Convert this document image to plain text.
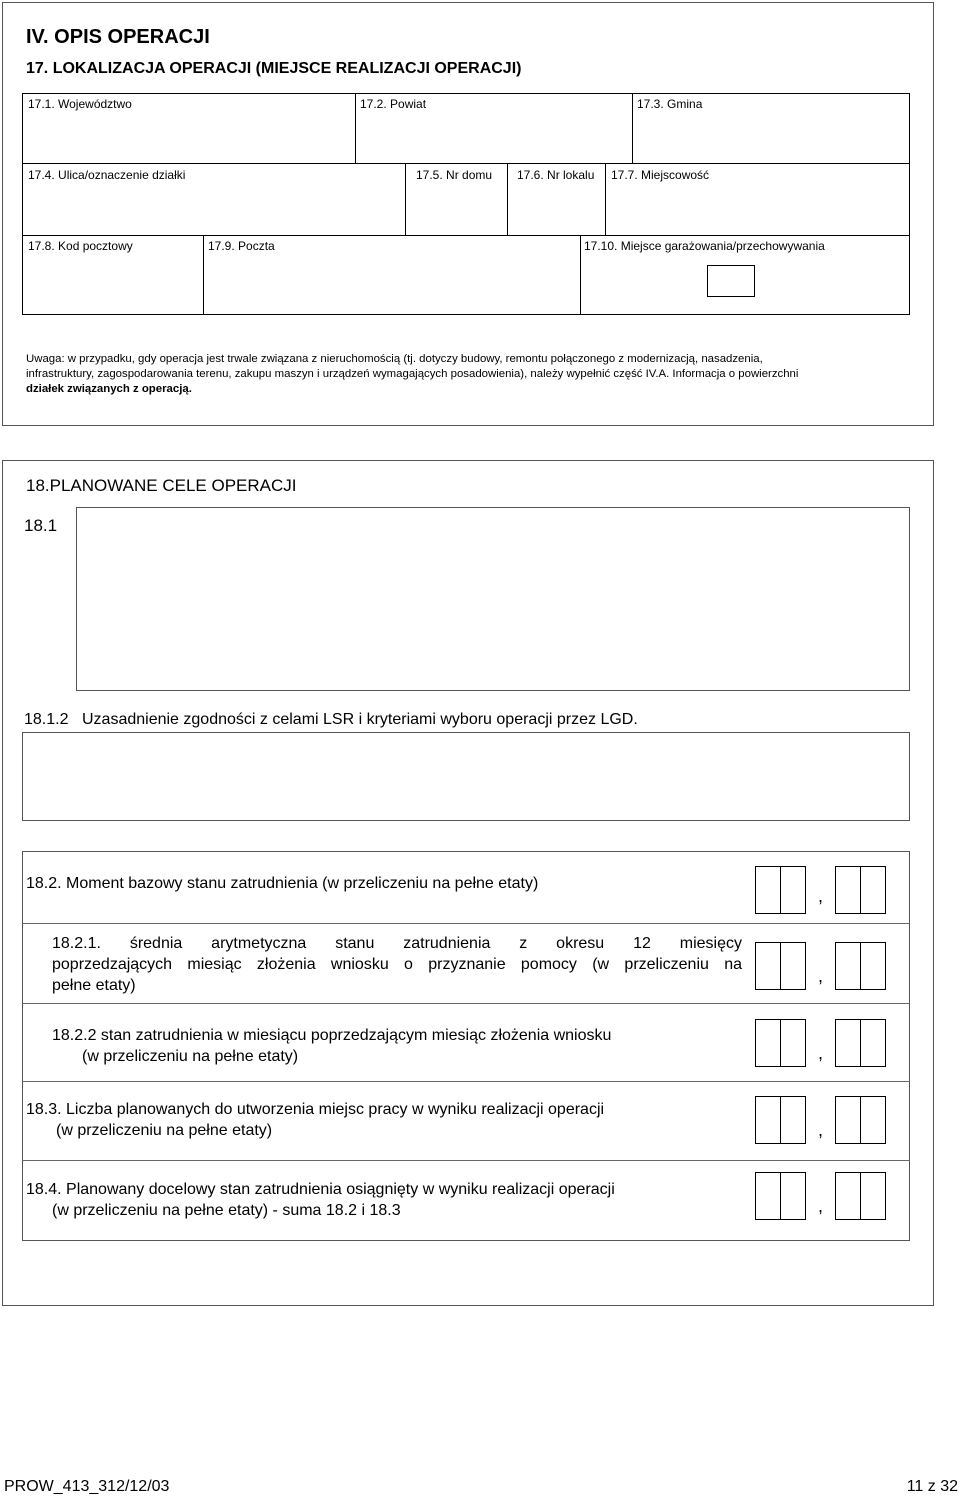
IV. OPIS OPERACJI
17. LOKALIZACJA OPERACJI (MIEJSCE REALIZACJI OPERACJI)
17.1. Województwo	17.2. Powiat	17.3. Gmina
17.4. Ulica/oznaczenie działki	17.5. Nr domu 17.6. Nr lokalu 17.7. Miejscowość
17.8. Kod pocztowy	17.9. Poczta	17.10. Miejsce garażowania/przechowywania
Uwaga: w przypadku, gdy operacja jest trwale związana z nieruchomością (tj. dotyczy budowy, remontu połączonego z modernizacją, nasadzenia,
infrastruktury, zagospodarowania terenu, zakupu maszyn i urządzeń wymagających posadowienia), należy wypełnić część IV.A. Informacja o powierzchni
działek związanych z operacją.
18.PLANOWANE CELE OPERACJI
18.1
18.1.2 Uzasadnienie zgodności z celami LSR i kryteriami wyboru operacji przez LGD.
18.2. Moment bazowy stanu zatrudnienia (w przeliczeniu na pełne etaty)
,
18.2.1. średnia arytmetyczna stanu zatrudnienia z okresu 12 miesięcy
poprzedzających miesiąc złożenia wniosku o przyznanie pomocy (w przeliczeniu na
pełne etaty)	,
18.2.2 stan zatrudnienia w miesiącu poprzedzającym miesiąc złożenia wniosku
(w przeliczeniu na pełne etaty)	,
18.3. Liczba planowanych do utworzenia miejsc pracy w wyniku realizacji operacji
(w przeliczeniu na pełne etaty)	,
18.4. Planowany docelowy stan zatrudnienia osiągnięty w wyniku realizacji operacji
(w przeliczeniu na pełne etaty) - suma 18.2 i 18.3	,
PROW_413_312/12/03	11 z 32
